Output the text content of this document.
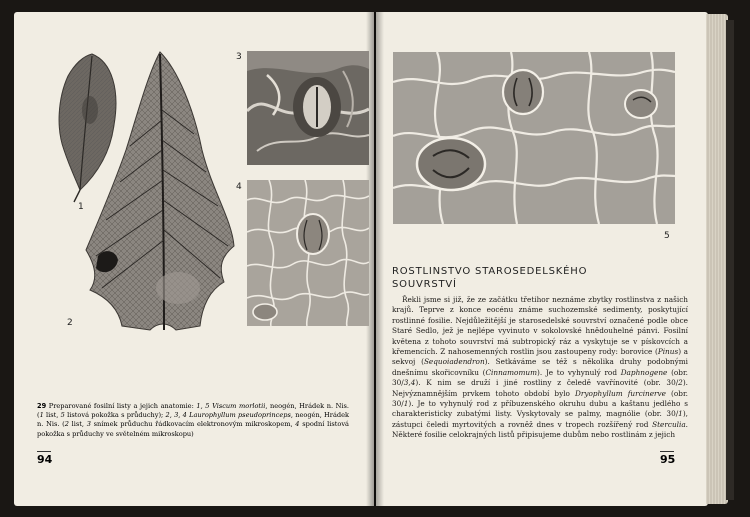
1
2
3
4
5
29 Preparované fosilní listy a jejich anatomie: 1, 5 Viscum morlotii, neogén, Hrádek n. Nis. (1 list, 5 listová pokožka s průduchy); 2, 3, 4 Laurophyllum pseudoprinceps, neogén, Hrádek n. Nis. (2 list, 3 snímek průduchu řádkovacím elektronovým mikroskopem, 4 spodní listová pokožka s průduchy ve světelném mikroskopu)
94
ROSTLINSTVO STAROSEDELSKÉHO
SOUVRSTVÍ

Řekli jsme si již, že ze začátku třetihor neznáme zbytky rostlinstva z našich krajů. Teprve z konce eocénu známe suchozemské sedimenty, poskytující rostlinné fosilie. Nejdůležitější je starosedelské souvrství označené podle obce Staré Sedlo, jež je nejlépe vyvinuto v sokolovské hnědouhelné pánvi. Fosilní květena z tohoto souvrství má subtropický ráz a vyskytuje se v pískovcích a křemencích. Z nahosemenných rostlin jsou zastoupeny rody: borovice (Pinus) a sekvoj (Sequoiadendron). Setkáváme se též s několika druhy podobnými dnešnímu skořicovníku (Cinnamomum). Je to vyhynulý rod Daphnogene (obr. 30/3,4). K nim se druží i jiné rostliny z čeledě vavřínovité (obr. 30/2). Nejvýznamnějším prvkem tohoto období bylo Dryophyllum furcinerve (obr. 30/1). Je to vyhynulý rod z příbuzenského okruhu dubu a kaštanu jedlého s charakteristicky zubatými listy. Vyskytovaly se palmy, magnólie (obr. 30/1), zástupci čeledi myrtovitých a rovněž dnes v tropech rozšířený rod Sterculia. Některé fosilie celokrajných listů připisujeme dubům nebo rostlinám z jejich

95
